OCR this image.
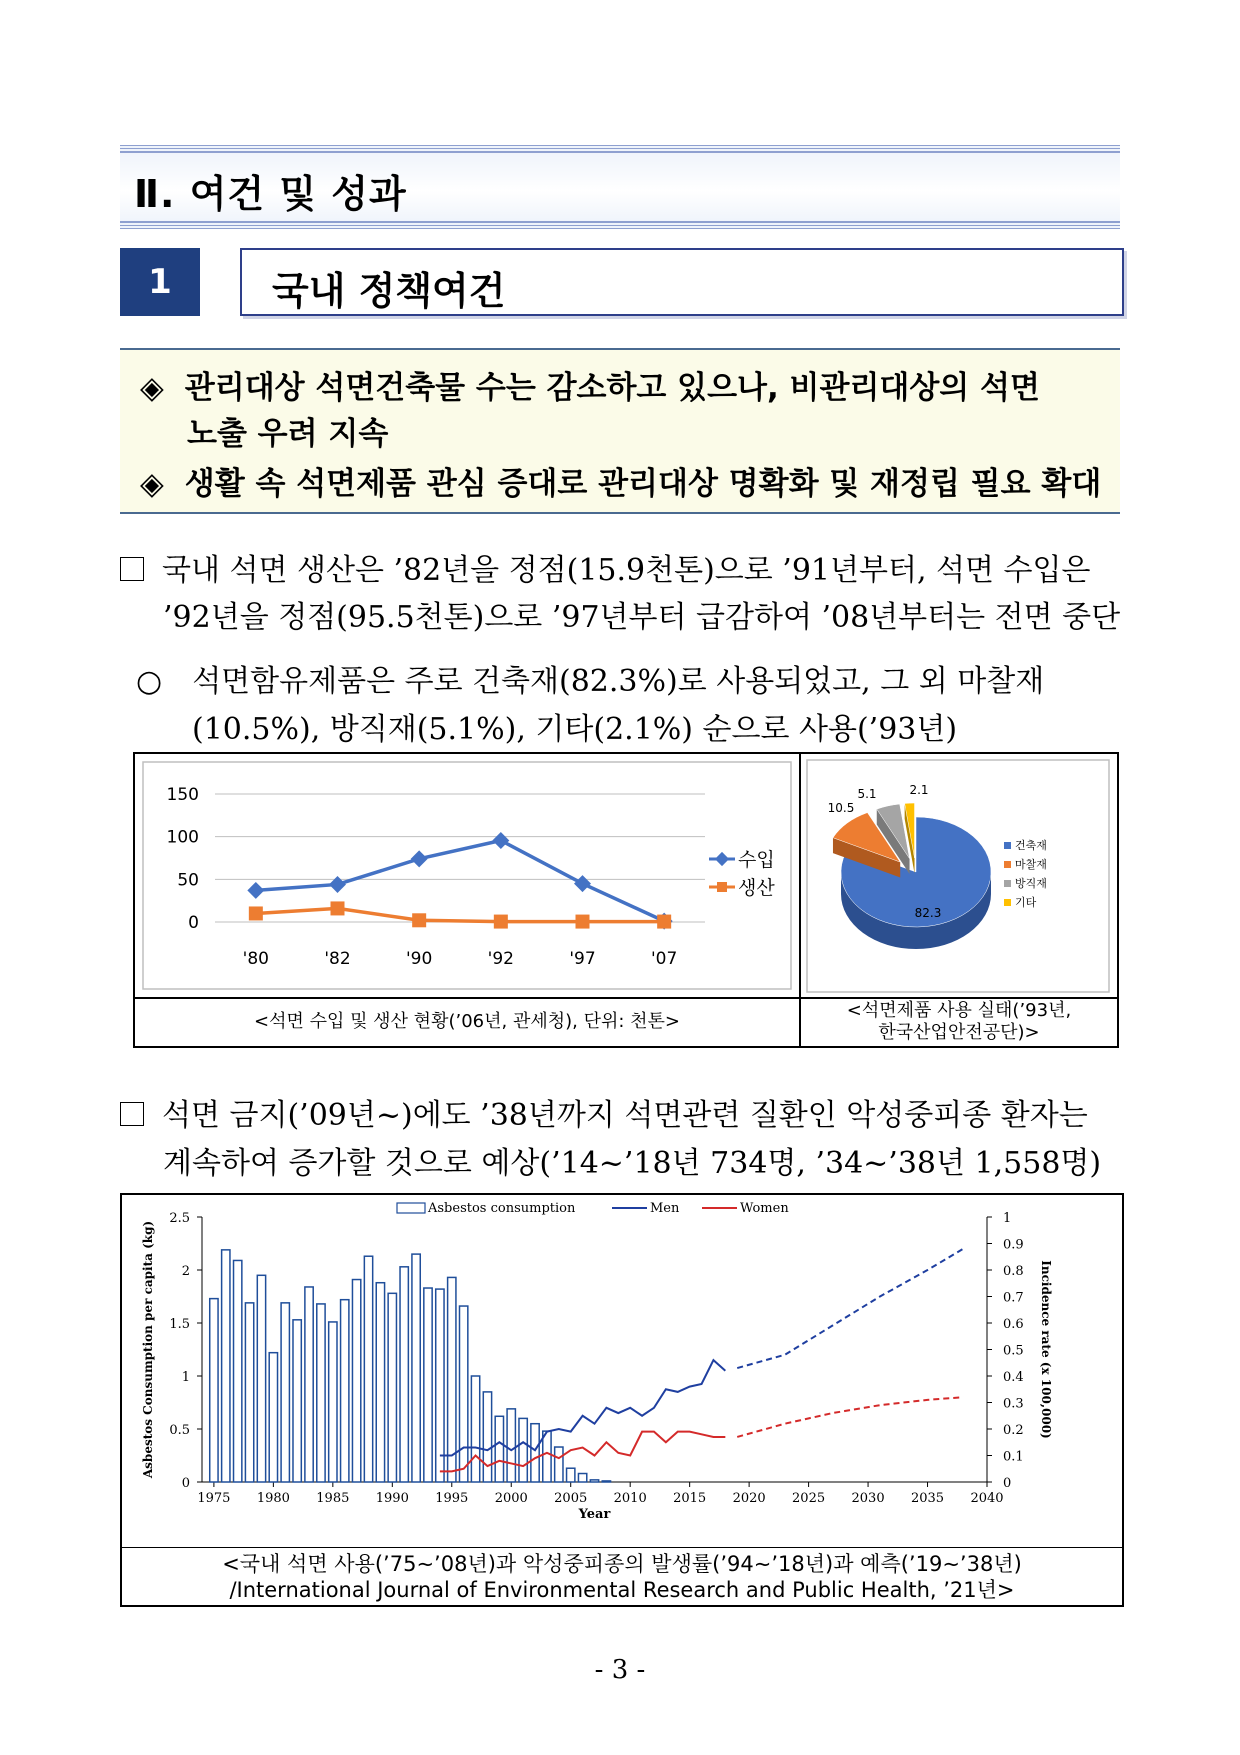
Ⅱ. 여건 및 성과
1	국내 정책여건
◈ 관리대상 석면건축물 수는 감소하고 있으나, 비관리대상의 석면
노출 우려 지속
◈ 생활 속 석면제품 관심 증대로 관리대상 명확화 및 재정립 필요 확대
국내 석면 생산은 ’82년을 정점(15.9천톤)으로 ’91년부터, 석면 수입은
’92년을 정점(95.5천톤)으로 ’97년부터 급감하여 ’08년부터는 전면 중단
○ 석면함유제품은 주로 건축재(82.3%)로 사용되었고, 그 외 마찰재
(10.5%), 방직재(5.1%), 기타(2.1%) 순으로 사용(’93년)
0
50
100
150
'80	'82	'90	'92	'97	'07
수입
생산
82.3
10.5
5.1	2.1
건축재
마찰재
방직재
기타
<석면 수입 및 생산 현황(’06년, 관세청), 단위: 천톤>
<석면제품 사용 실태(’93년,
한국산업안전공단)>
석면 금지(’09년~)에도 ’38년까지 석면관련 질환인 악성중피종 환자는
계속하여 증가할 것으로 예상(’14~’18년 734명, ’34~’38년 1,558명)
0
0.5
1
1.5
2
2.5
0
0.1
0.2
0.3
0.4
0.5
0.6
0.7
0.8
0.9
1
1975 1980 1985 1990 1995 2000 2005 2010 2015 2020 2025 2030 2035 2040
Year
Asbestos Consumption per capita (kg)	Incidence rate (x 100,000)
Asbestos consumption	Men	Women
<국내 석면 사용(’75∼’08년)과 악성중피종의 발생률(’94∼’18년)과 예측(’19∼’38년)
/International Journal of Environmental Research and Public Health, ’21년>
- 3 -
